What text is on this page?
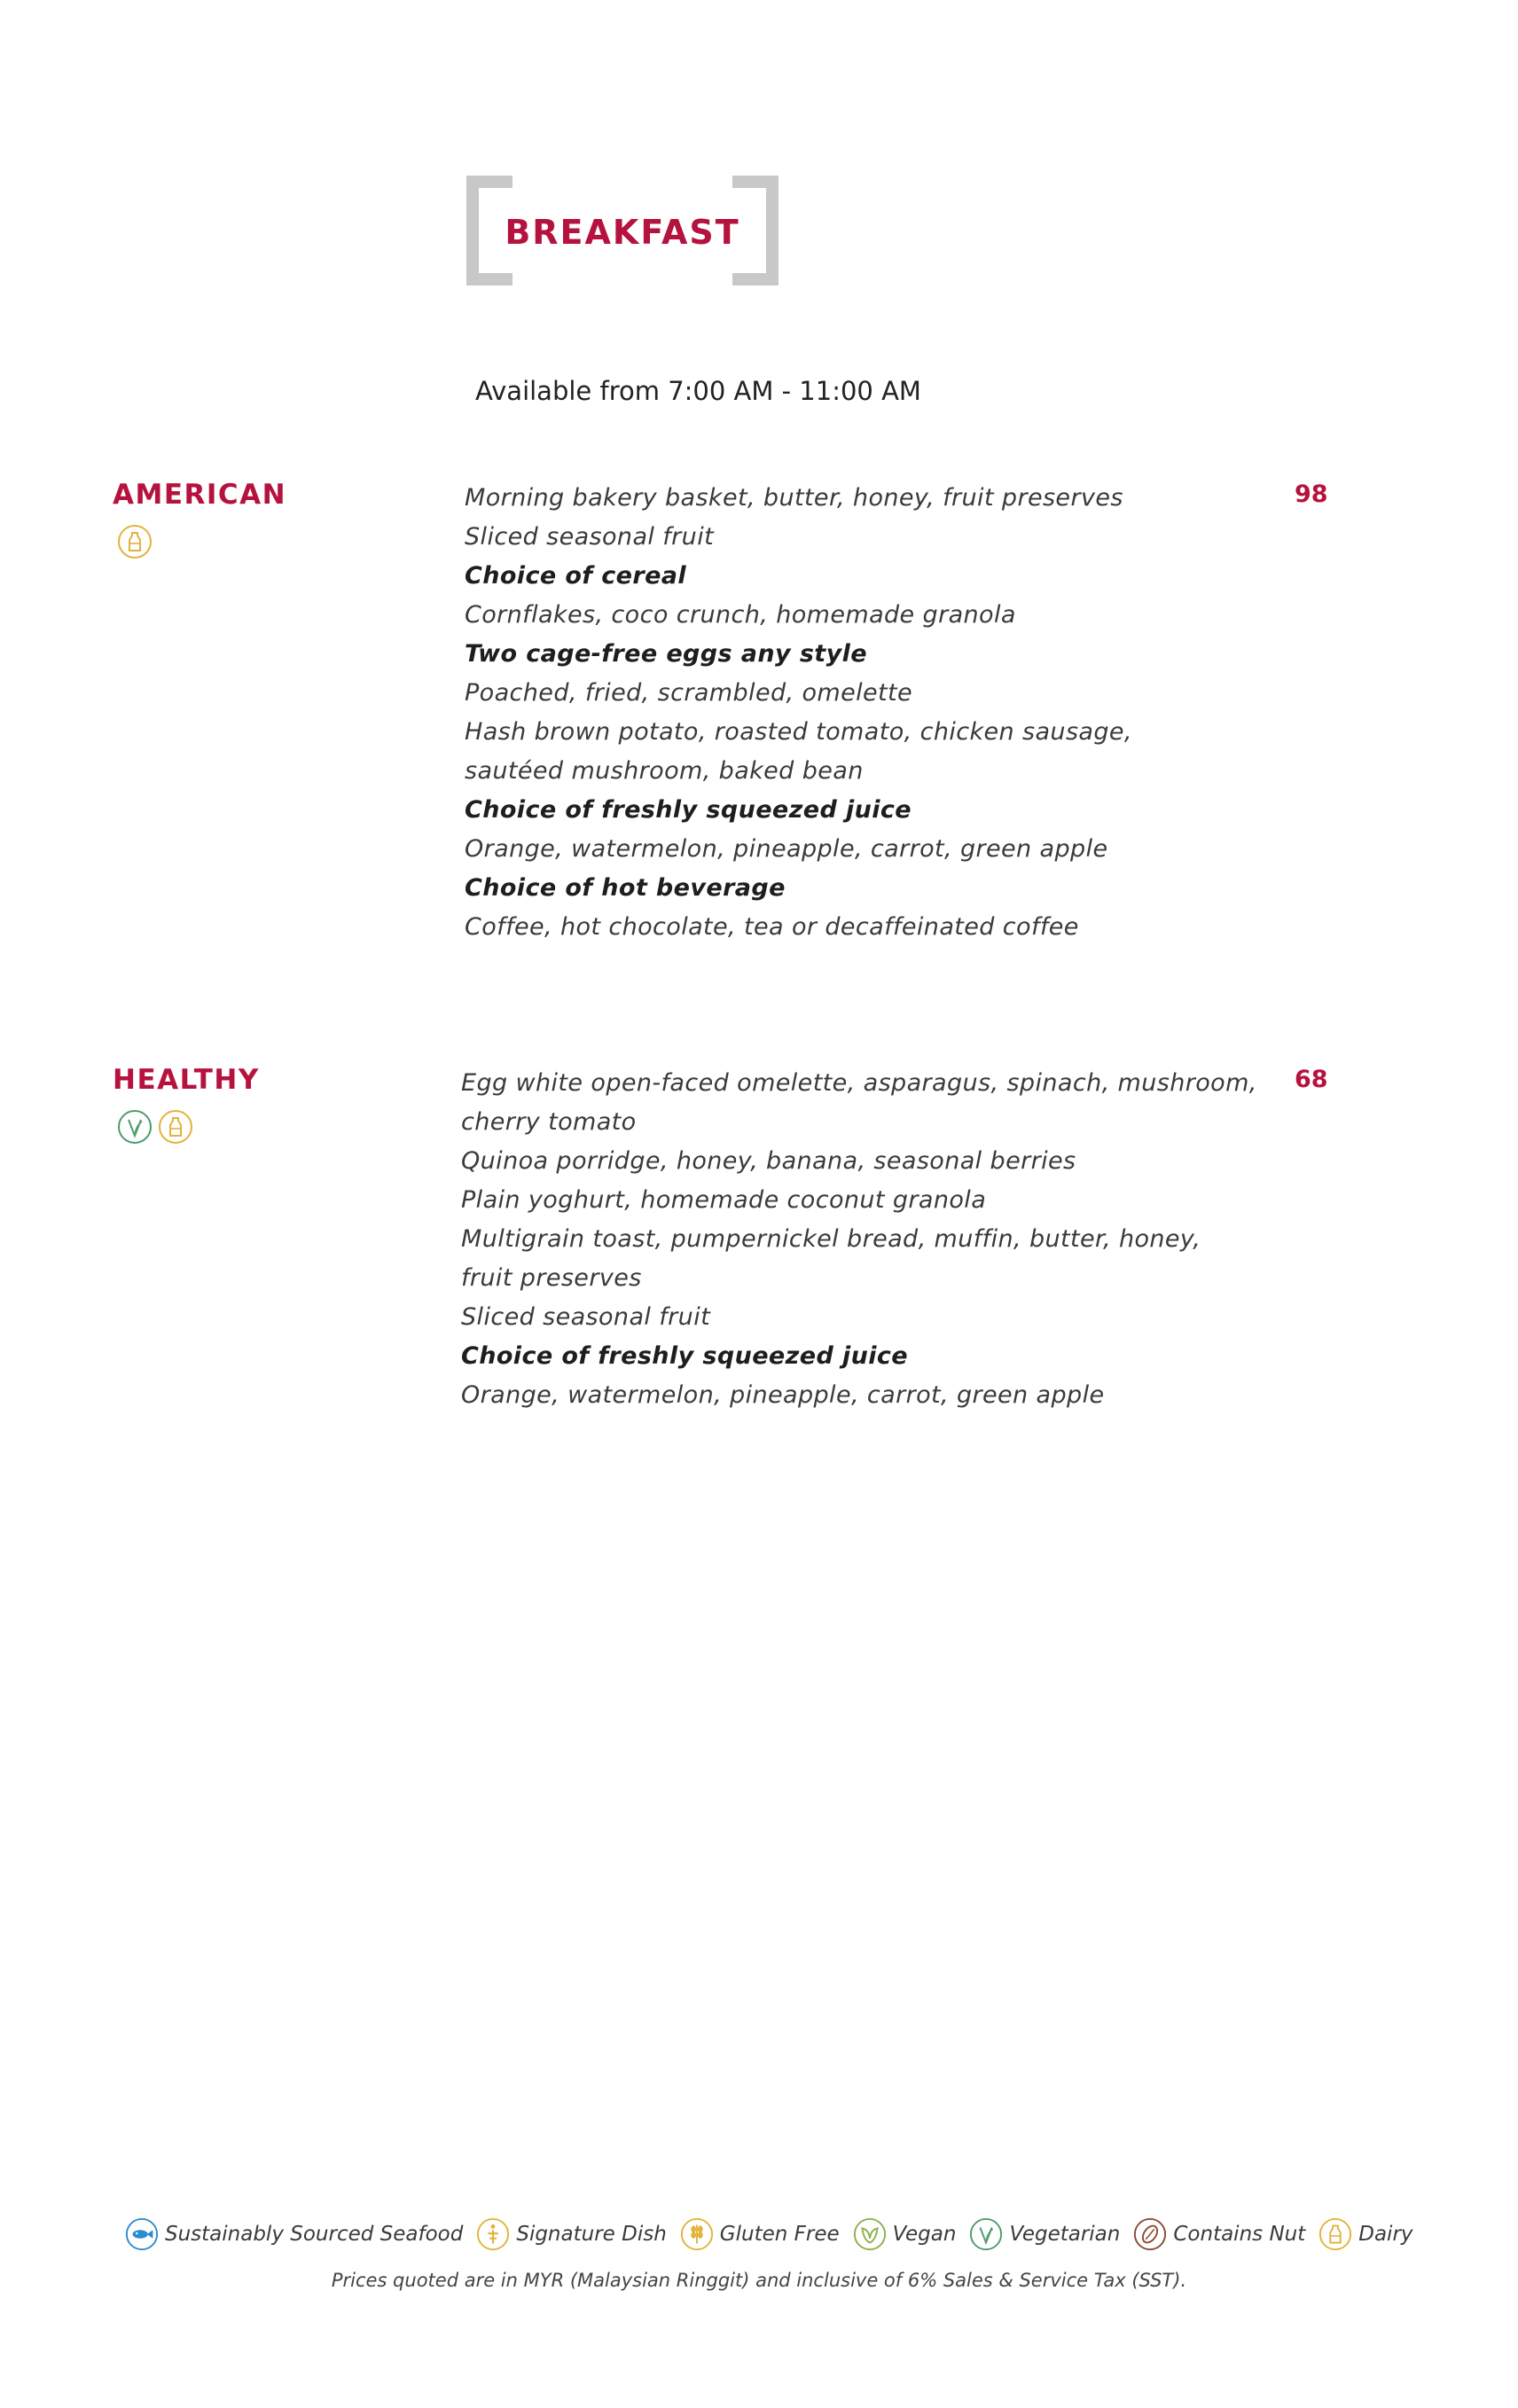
BREAKFAST
Available from 7:00 AM - 11:00 AM
AMERICAN	Morning bakery basket, butter, honey, fruit preserves
Sliced seasonal fruit
Choice of cereal
Cornflakes, coco crunch, homemade granola
Two cage-free eggs any style
Poached, fried, scrambled, omelette
Hash brown potato, roasted tomato, chicken sausage,
sautéed mushroom, baked bean
Choice of freshly squeezed juice
Orange, watermelon, pineapple, carrot, green apple
Choice of hot beverage
Coffee, hot chocolate, tea or decaffeinated coffee
98
HEALTHY	Egg white open-faced omelette, asparagus, spinach, mushroom,
cherry tomato
Quinoa porridge, honey, banana, seasonal berries
Plain yoghurt, homemade coconut granola
Multigrain toast, pumpernickel bread, muffin, butter, honey,
fruit preserves
Sliced seasonal fruit
Choice of freshly squeezed juice
Orange, watermelon, pineapple, carrot, green apple
68
Sustainably Sourced Seafood	Signature Dish	Gluten Free	Vegan	Vegetarian	Contains Nut	Dairy
Prices quoted are in MYR (Malaysian Ringgit) and inclusive of 6% Sales & Service Tax (SST).
